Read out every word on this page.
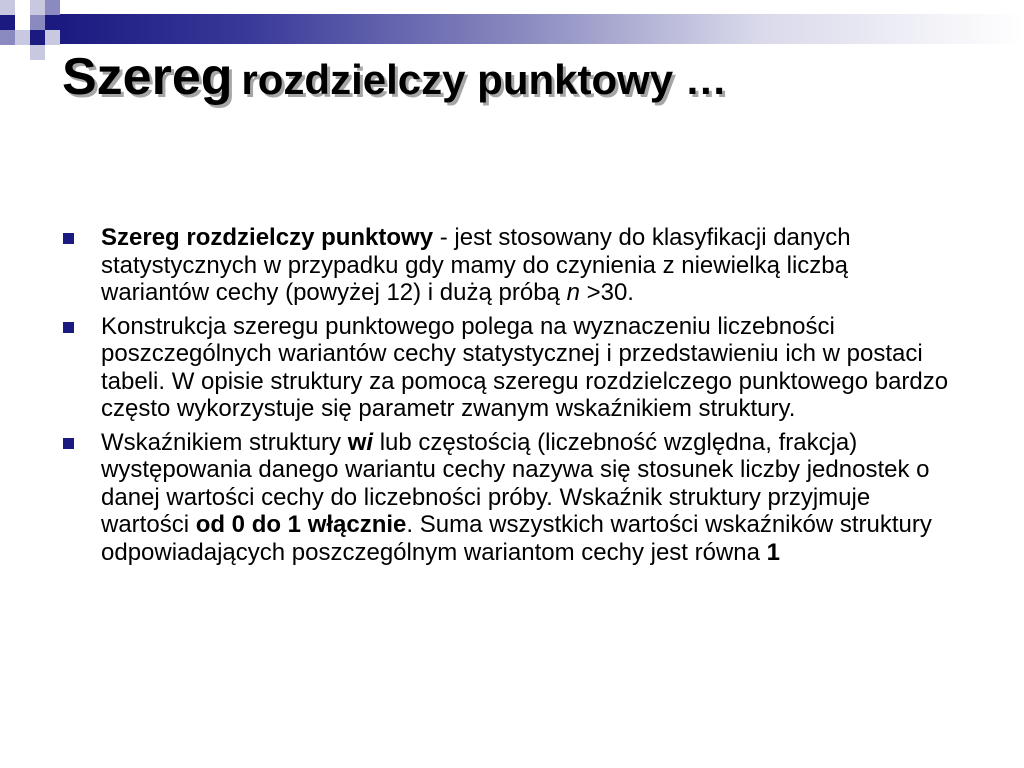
Szereg rozdzielczy punktowy …
Szereg rozdzielczy punktowy - jest stosowany do klasyfikacji danych statystycznych w przypadku gdy mamy do czynienia z niewielką liczbą wariantów cechy (powyżej 12) i dużą próbą n >30.
Konstrukcja szeregu punktowego polega na wyznaczeniu liczebności poszczególnych wariantów cechy statystycznej i przedstawieniu ich w postaci tabeli. W opisie struktury za pomocą szeregu rozdzielczego punktowego bardzo często wykorzystuje się parametr zwanym wskaźnikiem struktury.
Wskaźnikiem struktury wi lub częstością (liczebność względna, frakcja) występowania danego wariantu cechy nazywa się stosunek liczby jednostek o danej wartości cechy do liczebności próby. Wskaźnik struktury przyjmuje wartości od 0 do 1 włącznie. Suma wszystkich wartości wskaźników struktury odpowiadających poszczególnym wariantom cechy jest równa 1
